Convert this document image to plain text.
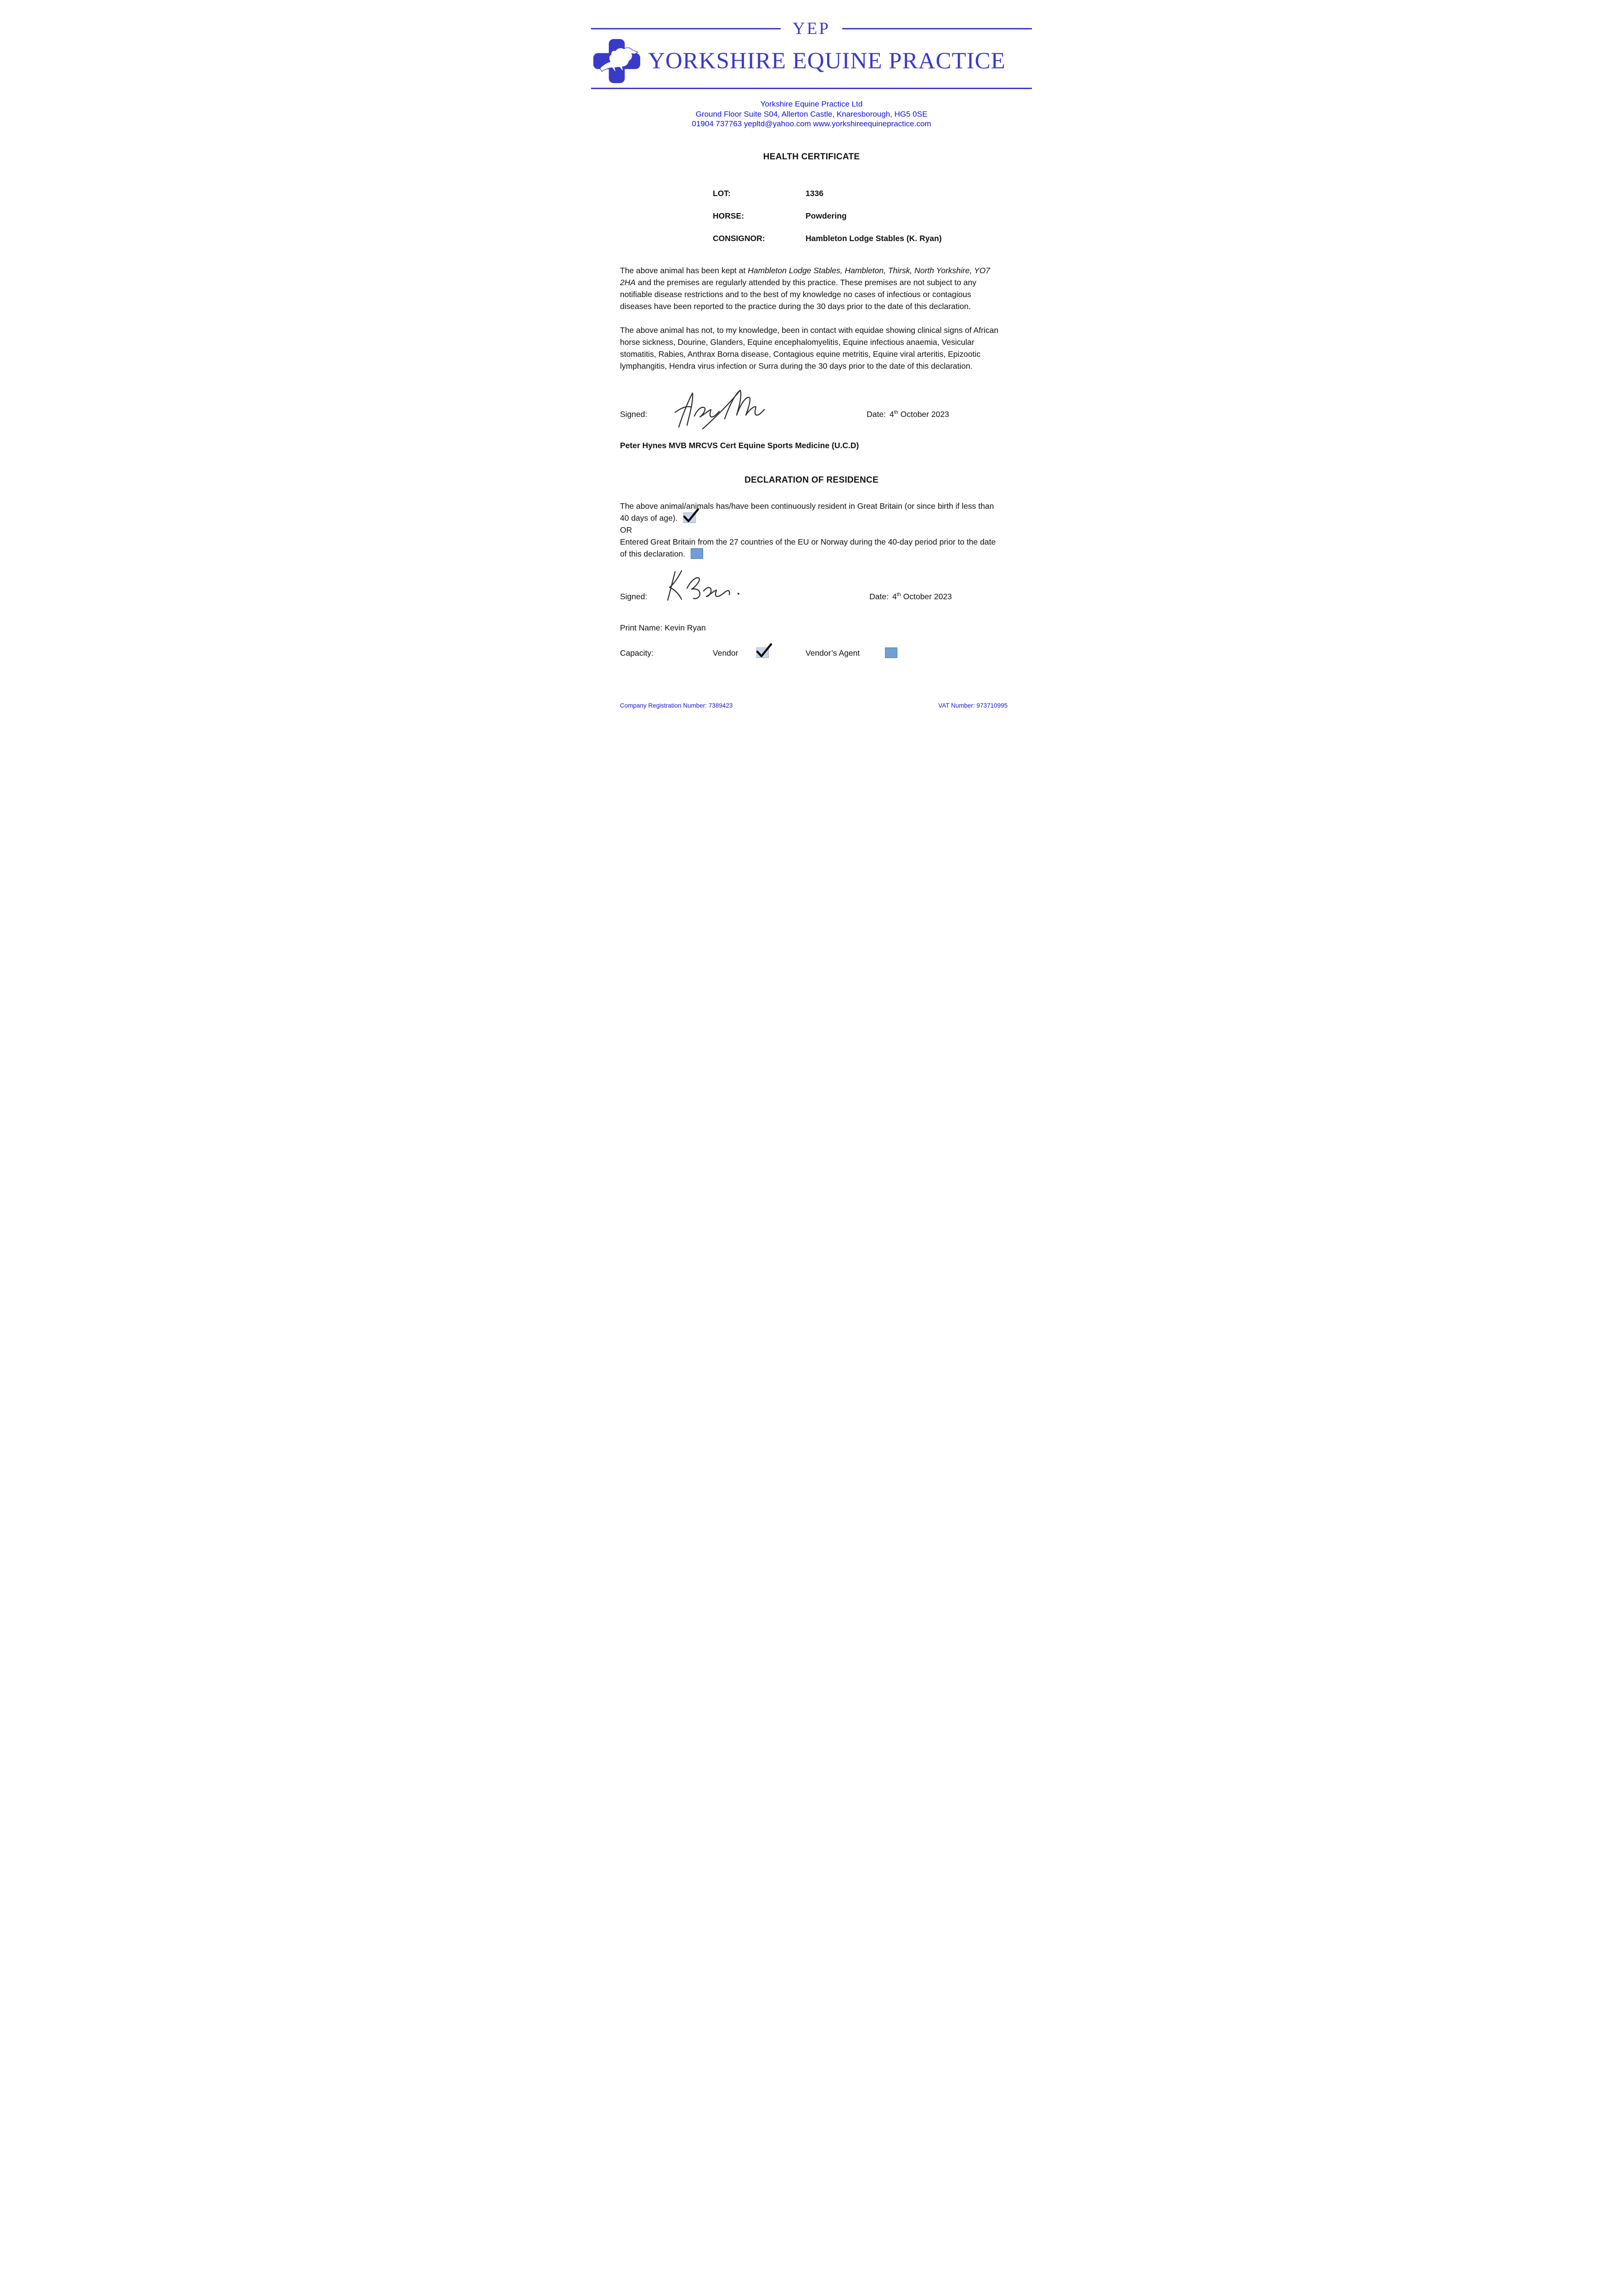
YEP
YORKSHIRE EQUINE PRACTICE
Yorkshire Equine Practice Ltd
Ground Floor Suite S04, Allerton Castle, Knaresborough, HG5 0SE
01904 737763 yepltd@yahoo.com www.yorkshireequinepractice.com
HEALTH CERTIFICATE
LOT:	1336
HORSE:	Powdering
CONSIGNOR:	Hambleton Lodge Stables (K. Ryan)

The above animal has been kept at Hambleton Lodge Stables, Hambleton, Thirsk, North Yorkshire, YO7 2HA and the premises are regularly attended by this practice. These premises are not subject to any notifiable disease restrictions and to the best of my knowledge no cases of infectious or contagious diseases have been reported to the practice during the 30 days prior to the date of this declaration.

The above animal has not, to my knowledge, been in contact with equidae showing clinical signs of African horse sickness, Dourine, Glanders, Equine encephalomyelitis, Equine infectious anaemia, Vesicular stomatitis, Rabies, Anthrax Borna disease, Contagious equine metritis, Equine viral arteritis, Epizootic lymphangitis, Hendra virus infection or Surra during the 30 days prior to the date of this declaration.

Signed:	Date: 4th October 2023

Peter Hynes MVB MRCVS Cert Equine Sports Medicine (U.C.D)

DECLARATION OF RESIDENCE

The above animal/animals has/have been continuously resident in Great Britain (or since birth if less than 40 days of age).

OR

Entered Great Britain from the 27 countries of the EU or Norway during the 40-day period prior to the date of this declaration.

Signed:	Date: 4th October 2023

Print Name: Kevin Ryan

Capacity:	Vendor	Vendor’s Agent
Company Registration Number: 7389423	VAT Number: 973710995
